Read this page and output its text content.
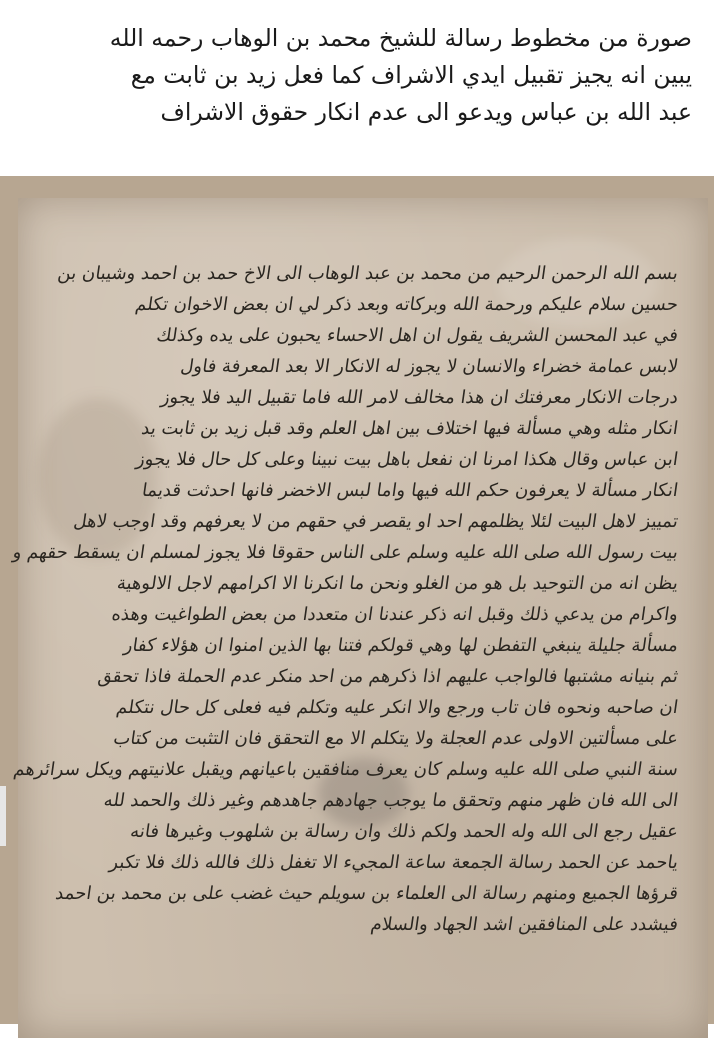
صورة من مخطوط رسالة للشيخ محمد بن الوهاب رحمه الله
يبين انه يجيز تقبيل ايدي الاشراف كما فعل زيد بن ثابت مع
عبد الله بن عباس ويدعو الى عدم انكار حقوق الاشراف
بسم الله الرحمن الرحيم من محمد بن عبد الوهاب الى الاخ حمد بن احمد وشيبان بن
حسين سلام عليكم ورحمة الله وبركاته وبعد ذكر لي ان بعض الاخوان تكلم
في عبد المحسن الشريف يقول ان اهل الاحساء يحبون على يده وكذلك
لابس عمامة خضراء والانسان لا يجوز له الانكار الا بعد المعرفة فاول
درجات الانكار معرفتك ان هذا مخالف لامر الله فاما تقبيل اليد فلا يجوز
انكار مثله وهي مسألة فيها اختلاف بين اهل العلم وقد قبل زيد بن ثابت يد
ابن عباس وقال هكذا امرنا ان نفعل باهل بيت نبينا وعلى كل حال فلا يجوز
انكار مسألة لا يعرفون حكم الله فيها واما لبس الاخضر فانها احدثت قديما
تمييز لاهل البيت لئلا يظلمهم احد او يقصر في حقهم من لا يعرفهم وقد اوجب لاهل
بيت رسول الله صلى الله عليه وسلم على الناس حقوقا فلا يجوز لمسلم ان يسقط حقهم و
يظن انه من التوحيد بل هو من الغلو ونحن ما انكرنا الا اكرامهم لاجل الالوهية
واكرام من يدعي ذلك وقبل انه ذكر عندنا ان متعددا من بعض الطواغيت وهذه
مسألة جليلة ينبغي التفطن لها وهي قولكم فتنا بها الذين امنوا ان هؤلاء كفار
ثم بنيانه مشتبها فالواجب عليهم اذا ذكرهم من احد منكر عدم الحملة فاذا تحقق
ان صاحبه ونحوه فان تاب ورجع والا انكر عليه وتكلم فيه فعلى كل حال نتكلم
على مسألتين الاولى عدم العجلة ولا يتكلم الا مع التحقق فان التثبت من كتاب
سنة النبي صلى الله عليه وسلم كان يعرف منافقين باعيانهم ويقبل علانيتهم ويكل سرائرهم
الى الله فان ظهر منهم وتحقق ما يوجب جهادهم جاهدهم وغير ذلك والحمد لله
عقيل رجع الى الله وله الحمد ولكم ذلك وان رسالة بن شلهوب وغيرها فانه
ياحمد عن الحمد رسالة الجمعة ساعة المجيء الا تغفل ذلك فالله ذلك فلا تكبر
قرؤها الجميع ومنهم رسالة الى العلماء بن سويلم حيث غضب على بن محمد بن احمد
فيشدد على المنافقين اشد الجهاد والسلام
